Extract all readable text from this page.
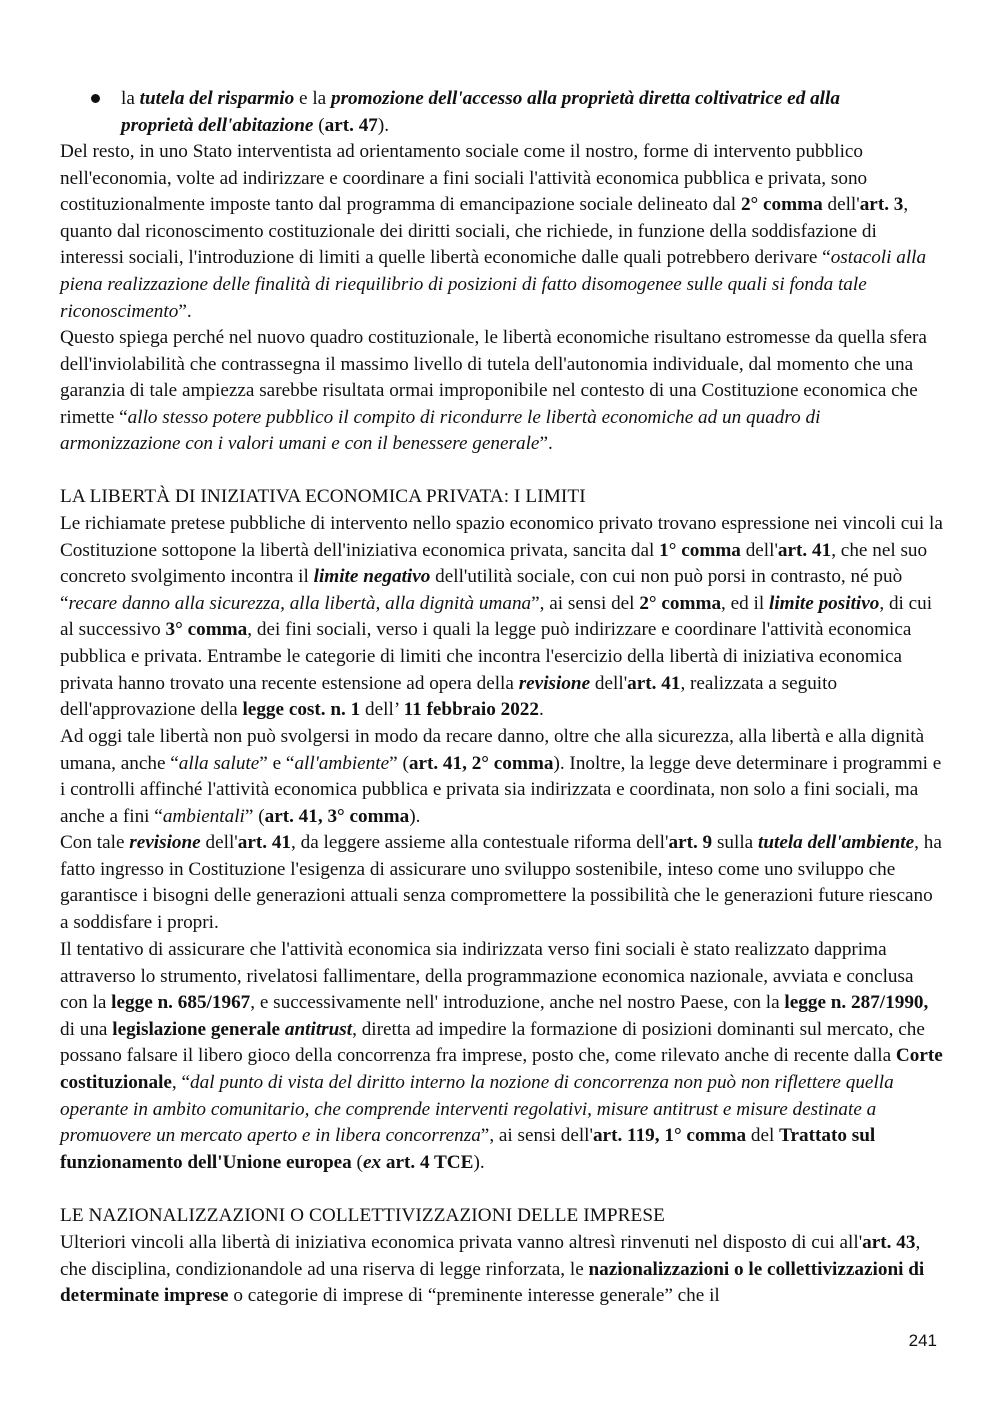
la tutela del risparmio e la promozione dell'accesso alla proprietà diretta coltivatrice ed alla proprietà dell'abitazione (art. 47).

Del resto, in uno Stato interventista ad orientamento sociale come il nostro, forme di intervento pubblico nell'economia, volte ad indirizzare e coordinare a fini sociali l'attività economica pubblica e privata, sono costituzionalmente imposte tanto dal programma di emancipazione sociale delineato dal 2° comma dell'art. 3, quanto dal riconoscimento costituzionale dei diritti sociali, che richiede, in funzione della soddisfazione di interessi sociali, l'introduzione di limiti a quelle libertà economiche dalle quali potrebbero derivare “ostacoli alla piena realizzazione delle finalità di riequilibrio di posizioni di fatto disomogenee sulle quali si fonda tale riconoscimento”.

Questo spiega perché nel nuovo quadro costituzionale, le libertà economiche risultano estromesse da quella sfera dell'inviolabilità che contrassegna il massimo livello di tutela dell'autonomia individuale, dal momento che una garanzia di tale ampiezza sarebbe risultata ormai improponibile nel contesto di una Costituzione economica che rimette “allo stesso potere pubblico il compito di ricondurre le libertà economiche ad un quadro di armonizzazione con i valori umani e con il benessere generale”.

LA LIBERTÀ DI INIZIATIVA ECONOMICA PRIVATA: I LIMITI

Le richiamate pretese pubbliche di intervento nello spazio economico privato trovano espressione nei vincoli cui la Costituzione sottopone la libertà dell'iniziativa economica privata, sancita dal 1° comma dell'art. 41, che nel suo concreto svolgimento incontra il limite negativo dell'utilità sociale, con cui non può porsi in contrasto, né può “recare danno alla sicurezza, alla libertà, alla dignità umana”, ai sensi del 2° comma, ed il limite positivo, di cui al successivo 3° comma, dei fini sociali, verso i quali la legge può indirizzare e coordinare l'attività economica pubblica e privata. Entrambe le categorie di limiti che incontra l'esercizio della libertà di iniziativa economica privata hanno trovato una recente estensione ad opera della revisione dell'art. 41, realizzata a seguito dell'approvazione della legge cost. n. 1 dell’ 11 febbraio 2022.

Ad oggi tale libertà non può svolgersi in modo da recare danno, oltre che alla sicurezza, alla libertà e alla dignità umana, anche “alla salute” e “all'ambiente” (art. 41, 2° comma). Inoltre, la legge deve determinare i programmi e i controlli affinché l'attività economica pubblica e privata sia indirizzata e coordinata, non solo a fini sociali, ma anche a fini “ambientali” (art. 41, 3° comma).

Con tale revisione dell'art. 41, da leggere assieme alla contestuale riforma dell'art. 9 sulla tutela dell'ambiente, ha fatto ingresso in Costituzione l'esigenza di assicurare uno sviluppo sostenibile, inteso come uno sviluppo che garantisce i bisogni delle generazioni attuali senza compromettere la possibilità che le generazioni future riescano a soddisfare i propri.

Il tentativo di assicurare che l'attività economica sia indirizzata verso fini sociali è stato realizzato dapprima attraverso lo strumento, rivelatosi fallimentare, della programmazione economica nazionale, avviata e conclusa con la legge n. 685/1967, e successivamente nell' introduzione, anche nel nostro Paese, con la legge n. 287/1990, di una legislazione generale antitrust, diretta ad impedire la formazione di posizioni dominanti sul mercato, che possano falsare il libero gioco della concorrenza fra imprese, posto che, come rilevato anche di recente dalla Corte costituzionale, “dal punto di vista del diritto interno la nozione di concorrenza non può non riflettere quella operante in ambito comunitario, che comprende interventi regolativi, misure antitrust e misure destinate a promuovere un mercato aperto e in libera concorrenza”, ai sensi dell'art. 119, 1° comma del Trattato sul funzionamento dell'Unione europea (ex art. 4 TCE).

LE NAZIONALIZZAZIONI O COLLETTIVIZZAZIONI DELLE IMPRESE

Ulteriori vincoli alla libertà di iniziativa economica privata vanno altresì rinvenuti nel disposto di cui all'art. 43, che disciplina, condizionandole ad una riserva di legge rinforzata, le nazionalizzazioni o le collettivizzazioni di determinate imprese o categorie di imprese di “preminente interesse generale” che il

241
